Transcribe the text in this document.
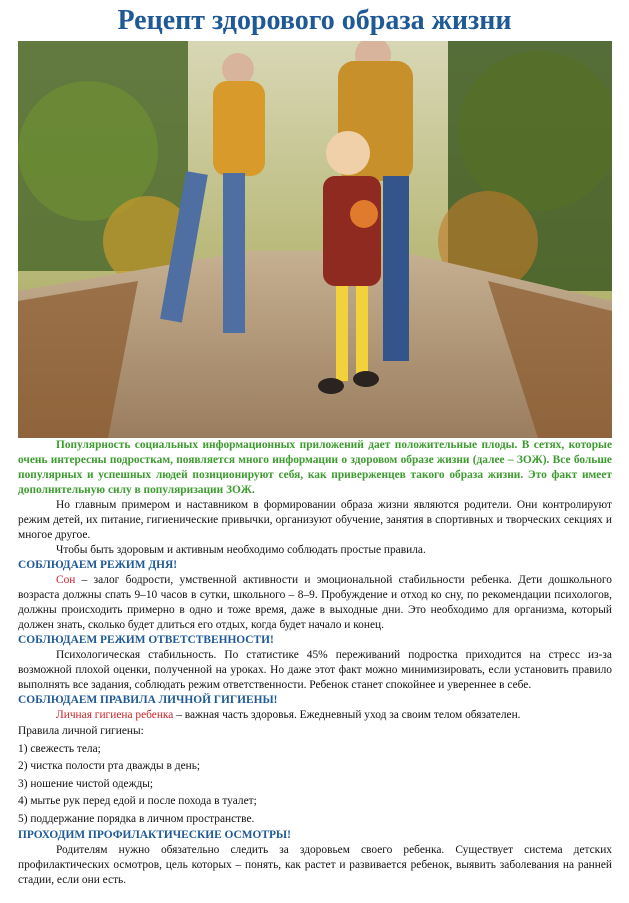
Рецепт здорового образа жизни

Популярность социальных информационных приложений дает положительные плоды. В сетях, которые очень интересны подросткам, появляется много информации о здоровом образе жизни (далее – ЗОЖ). Все больше популярных и успешных людей позиционируют себя, как приверженцев такого образа жизни. Это факт имеет дополнительную силу в популяризации ЗОЖ.

Но главным примером и наставником в формировании образа жизни являются родители. Они контролируют режим детей, их питание, гигиенические привычки, организуют обучение, занятия в спортивных и творческих секциях и многое другое.

Чтобы быть здоровым и активным необходимо соблюдать простые правила.

СОБЛЮДАЕМ РЕЖИМ ДНЯ!

Сон – залог бодрости, умственной активности и эмоциональной стабильности ребенка. Дети дошкольного возраста должны спать 9–10 часов в сутки, школьного – 8–9. Пробуждение и отход ко сну, по рекомендации психологов, должны происходить примерно в одно и тоже время, даже в выходные дни. Это необходимо для организма, который должен знать, сколько будет длиться его отдых, когда будет начало и конец.

СОБЛЮДАЕМ РЕЖИМ ОТВЕТСТВЕННОСТИ!

Психологическая стабильность. По статистике 45% переживаний подростка приходится на стресс из-за возможной плохой оценки, полученной на уроках. Но даже этот факт можно минимизировать, если установить правило выполнять все задания, соблюдать режим ответственности. Ребенок станет спокойнее и увереннее в себе.

СОБЛЮДАЕМ ПРАВИЛА ЛИЧНОЙ ГИГИЕНЫ!

Личная гигиена ребенка – важная часть здоровья. Ежедневный уход за своим телом обязателен.

Правила личной гигиены:

1) свежесть тела;

2) чистка полости рта дважды в день;

3) ношение чистой одежды;

4) мытье рук перед едой и после похода в туалет;

5) поддержание порядка в личном пространстве.

ПРОХОДИМ ПРОФИЛАКТИЧЕСКИЕ ОСМОТРЫ!

Родителям нужно обязательно следить за здоровьем своего ребенка. Существует система детских профилактических осмотров, цель которых – понять, как растет и развивается ребенок, выявить заболевания на ранней стадии, если они есть.
